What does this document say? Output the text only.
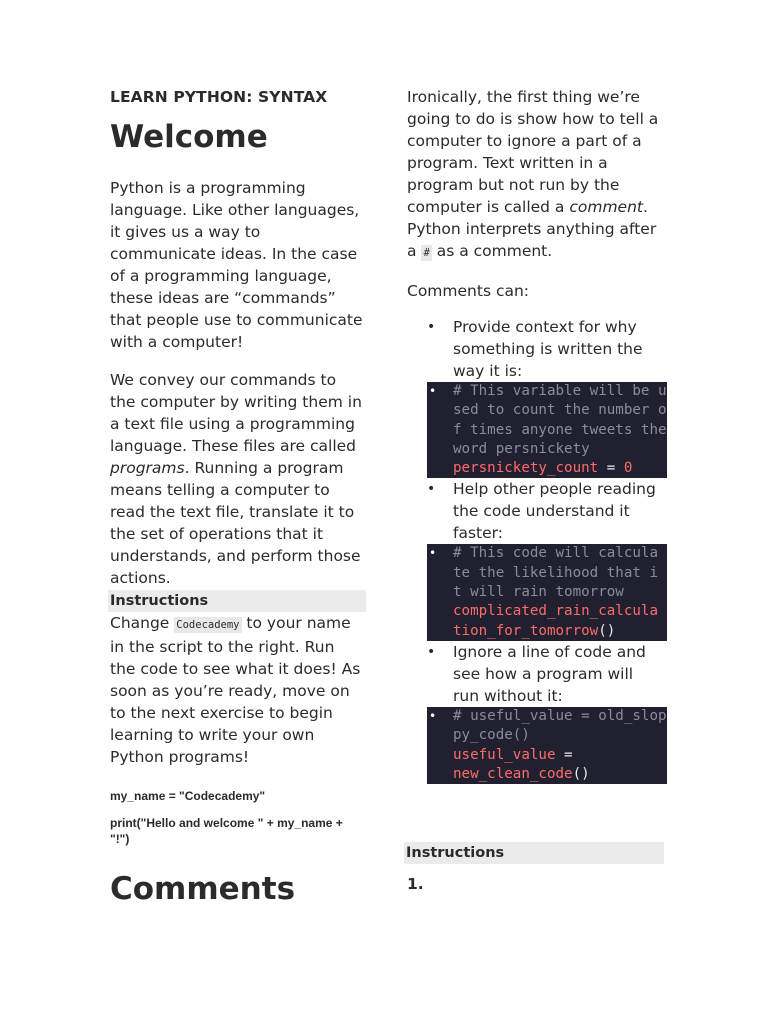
LEARN PYTHON: SYNTAX
Welcome

Python is a programming language. Like other languages, it gives us a way to communicate ideas. In the case of a programming language, these ideas are “commands” that people use to communicate with a computer!

We convey our commands to the computer by writing them in a text file using a programming language. These files are called programs. Running a program means telling a computer to read the text file, translate it to the set of operations that it understands, and perform those actions.

Instructions

Change Codecademy to your name in the script to the right. Run the code to see what it does! As soon as you’re ready, move on to the next exercise to begin learning to write your own Python programs!

my_name = "Codecademy"

print("Hello and welcome " + my_name + "!")

Comments

Ironically, the first thing we’re going to do is show how to tell a computer to ignore a part of a program. Text written in a program but not run by the computer is called a comment. Python interprets anything after a # as a comment.

Comments can:

• Provide context for why something is written the way it is:
• # This variable will be used to count the number of times anyone tweets the word persnickety
persnickety_count = 0
• Help other people reading the code understand it faster:
• # This code will calculate the likelihood that it will rain tomorrow
complicated_rain_calculation_for_tomorrow()
• Ignore a line of code and see how a program will run without it:
• # useful_value = old_sloppy_code()
useful_value =
new_clean_code()
Instructions
1.
